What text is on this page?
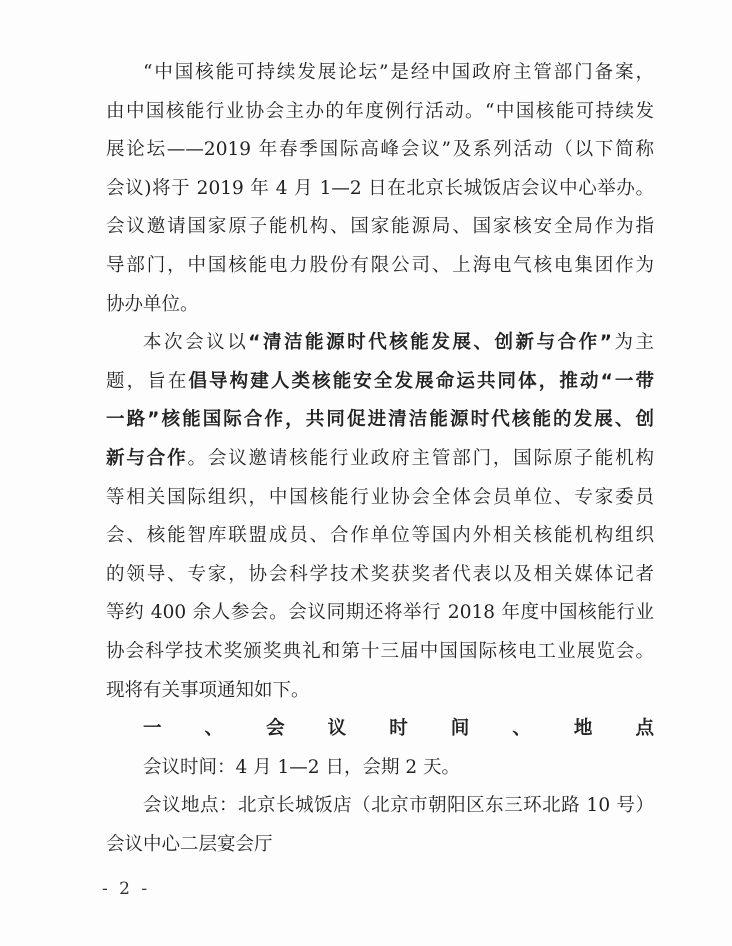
“中国核能可持续发展论坛”是经中国政府主管部门备案，
由中国核能行业协会主办的年度例行活动。“中国核能可持续发
展论坛——2019 年春季国际高峰会议”及系列活动（以下简称
会议)将于 2019 年 4 月 1—2 日在北京长城饭店会议中心举办。
会议邀请国家原子能机构、国家能源局、国家核安全局作为指
导部门，中国核能电力股份有限公司、上海电气核电集团作为
协办单位。
本次会议以“清洁能源时代核能发展、创新与合作”为主
题，旨在倡导构建人类核能安全发展命运共同体，推动“一带
一路”核能国际合作，共同促进清洁能源时代核能的发展、创
新与合作。会议邀请核能行业政府主管部门，国际原子能机构
等相关国际组织，中国核能行业协会全体会员单位、专家委员
会、核能智库联盟成员、合作单位等国内外相关核能机构组织
的领导、专家，协会科学技术奖获奖者代表以及相关媒体记者
等约 400 余人参会。会议同期还将举行 2018 年度中国核能行业
协会科学技术奖颁奖典礼和第十三届中国国际核电工业展览会。
现将有关事项通知如下。
一、会议时间、地点
会议时间：4 月 1—2 日，会期 2 天。
会议地点：北京长城饭店（北京市朝阳区东三环北路 10 号）
会议中心二层宴会厅
- 2 -
